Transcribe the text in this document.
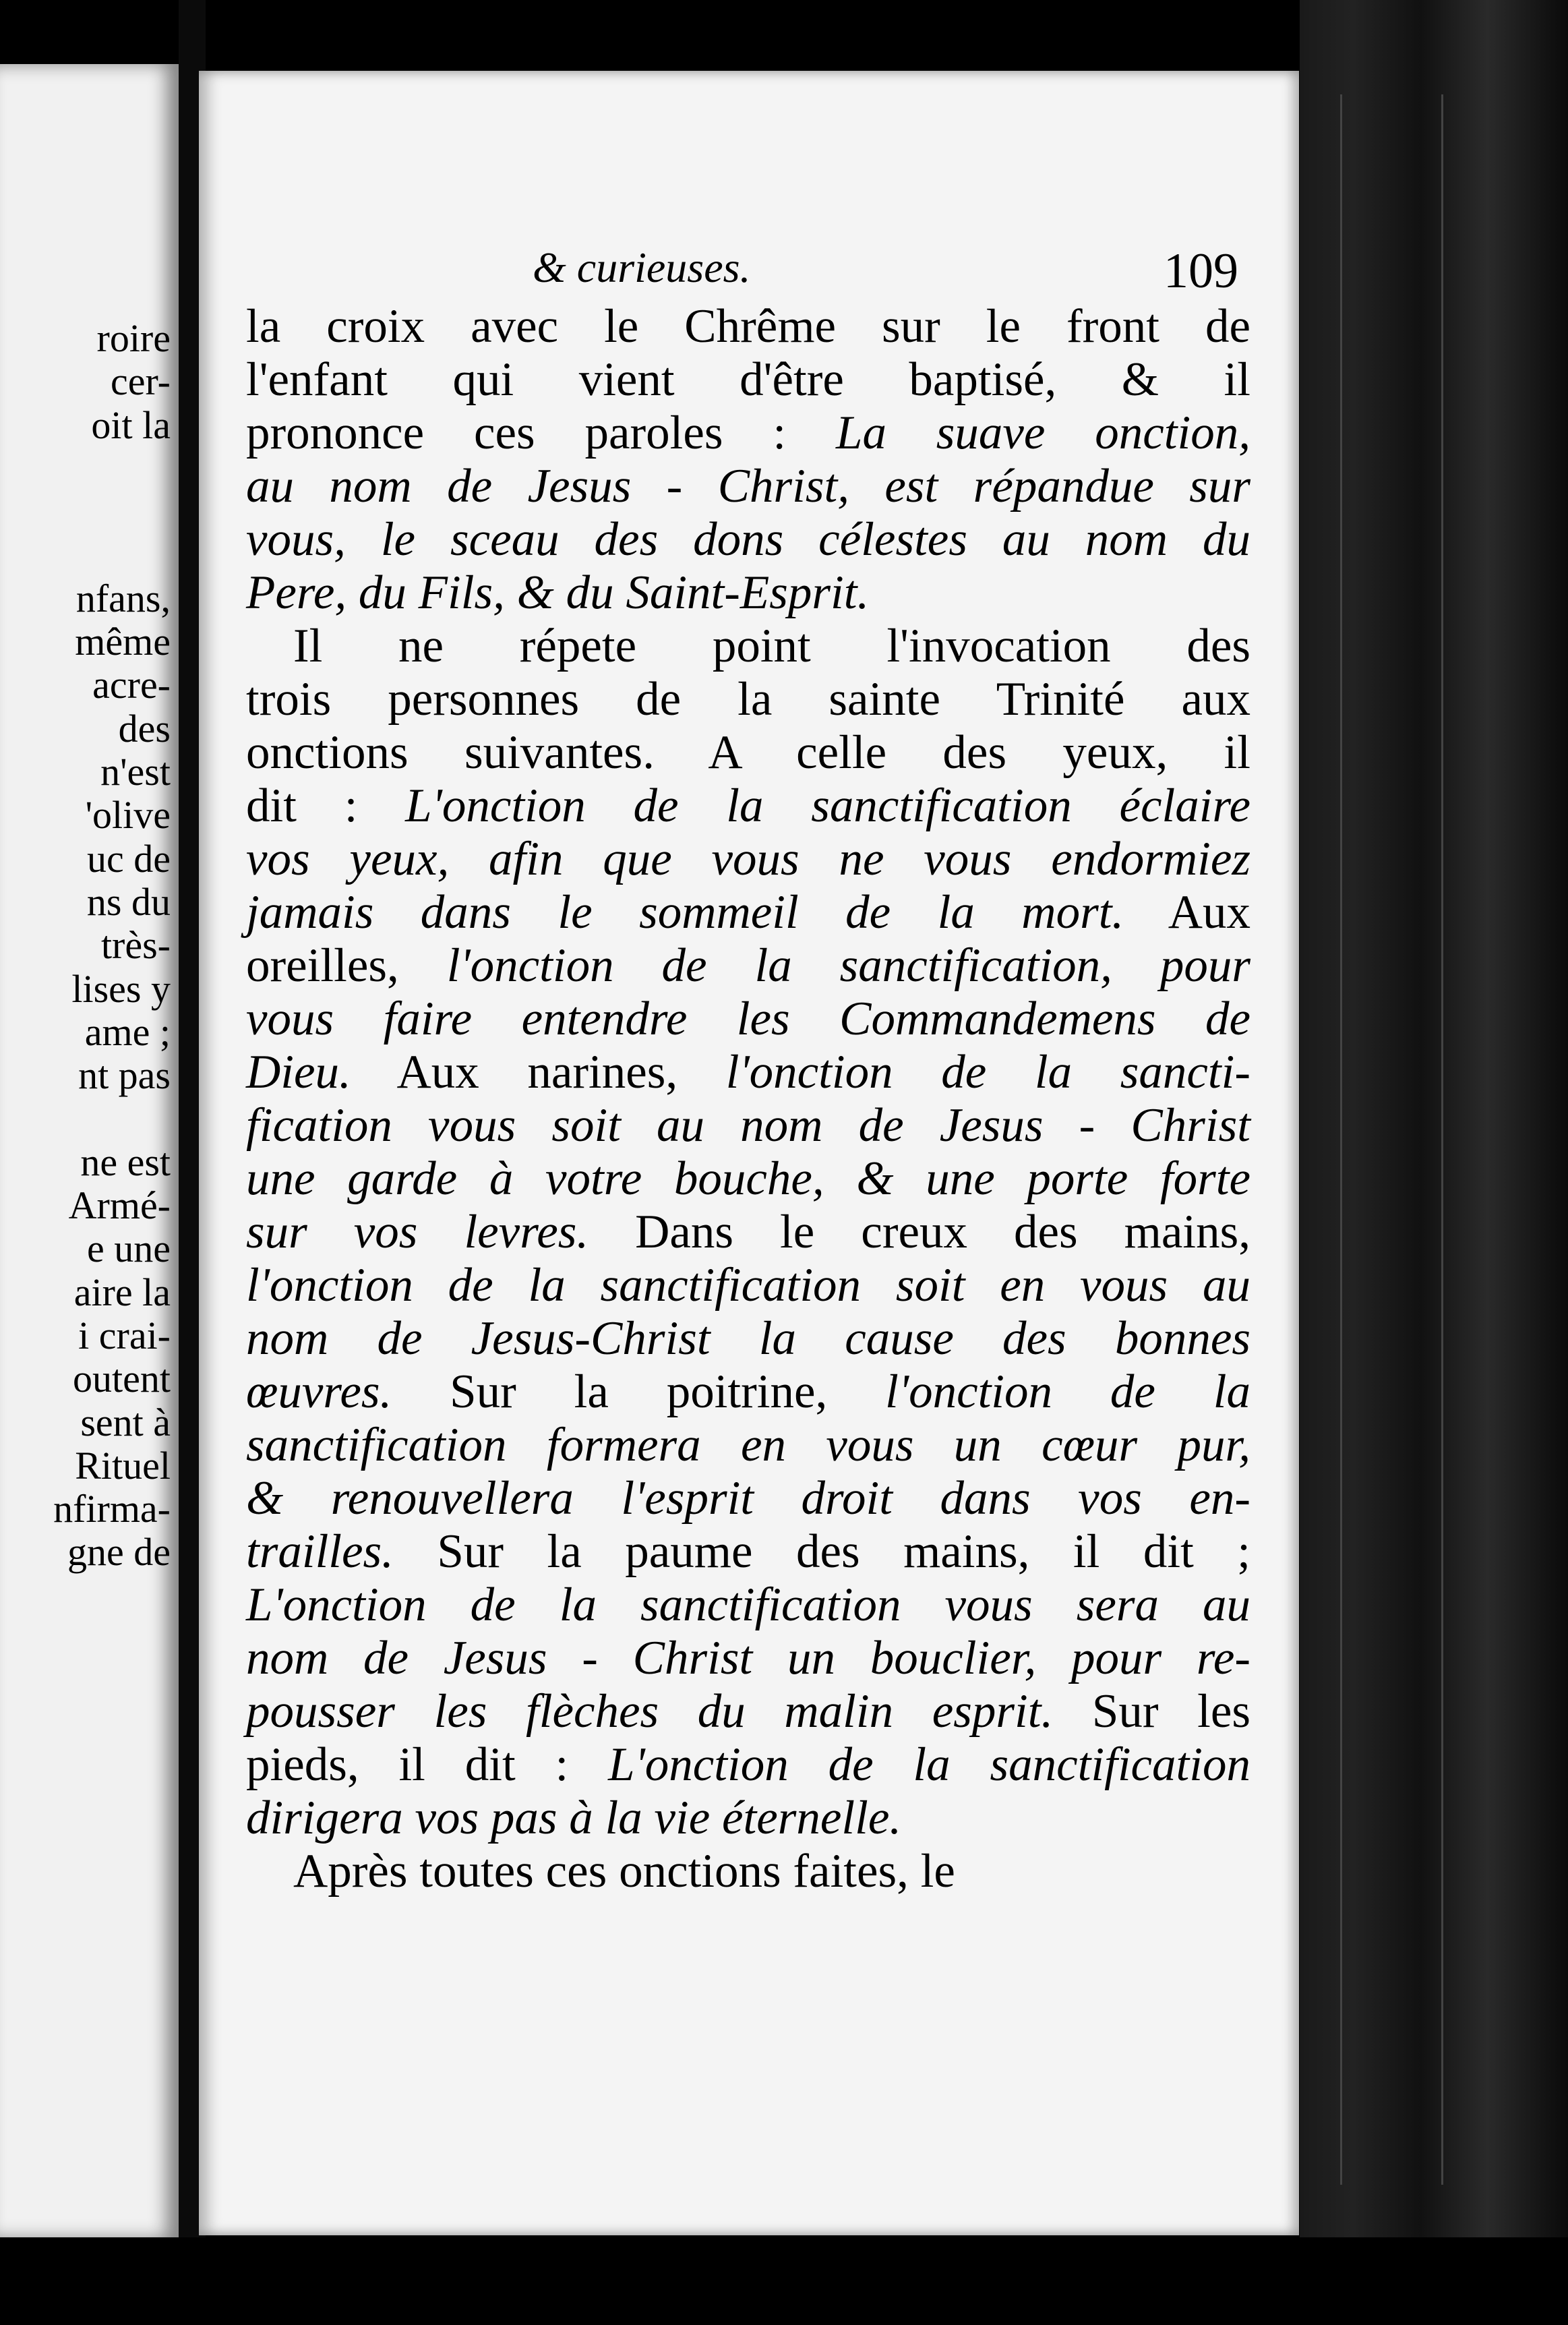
roire
cer-
oit la
nfans,
même
acre-
des
n'est
'olive
uc de
ns du
très-
lises y
ame ;
nt pas
ne est
Armé-
e une
aire la
i crai-
outent
sent à
Rituel
nfirma-
gne de
& curieuses.	109
la croix avec le Chrême sur le front de
l'enfant qui vient d'être baptisé, & il
prononce ces paroles : La suave onction,
au nom de Jesus - Christ, est répandue sur
vous, le sceau des dons célestes au nom du
Pere, du Fils, & du Saint-Esprit.
Il ne répete point l'invocation des
trois personnes de la sainte Trinité aux
onctions suivantes. A celle des yeux, il
dit : L'onction de la sanctification éclaire
vos yeux, afin que vous ne vous endormiez
jamais dans le sommeil de la mort. Aux
oreilles, l'onction de la sanctification, pour
vous faire entendre les Commandemens de
Dieu. Aux narines, l'onction de la sancti-
fication vous soit au nom de Jesus - Christ
une garde à votre bouche, & une porte forte
sur vos levres. Dans le creux des mains,
l'onction de la sanctification soit en vous au
nom de Jesus-Christ la cause des bonnes
œuvres. Sur la poitrine, l'onction de la
sanctification formera en vous un cœur pur,
& renouvellera l'esprit droit dans vos en-
trailles. Sur la paume des mains, il dit ;
L'onction de la sanctification vous sera au
nom de Jesus - Christ un bouclier, pour re-
pousser les flèches du malin esprit. Sur les
pieds, il dit : L'onction de la sanctification
dirigera vos pas à la vie éternelle.
Après toutes ces onctions faites, le
